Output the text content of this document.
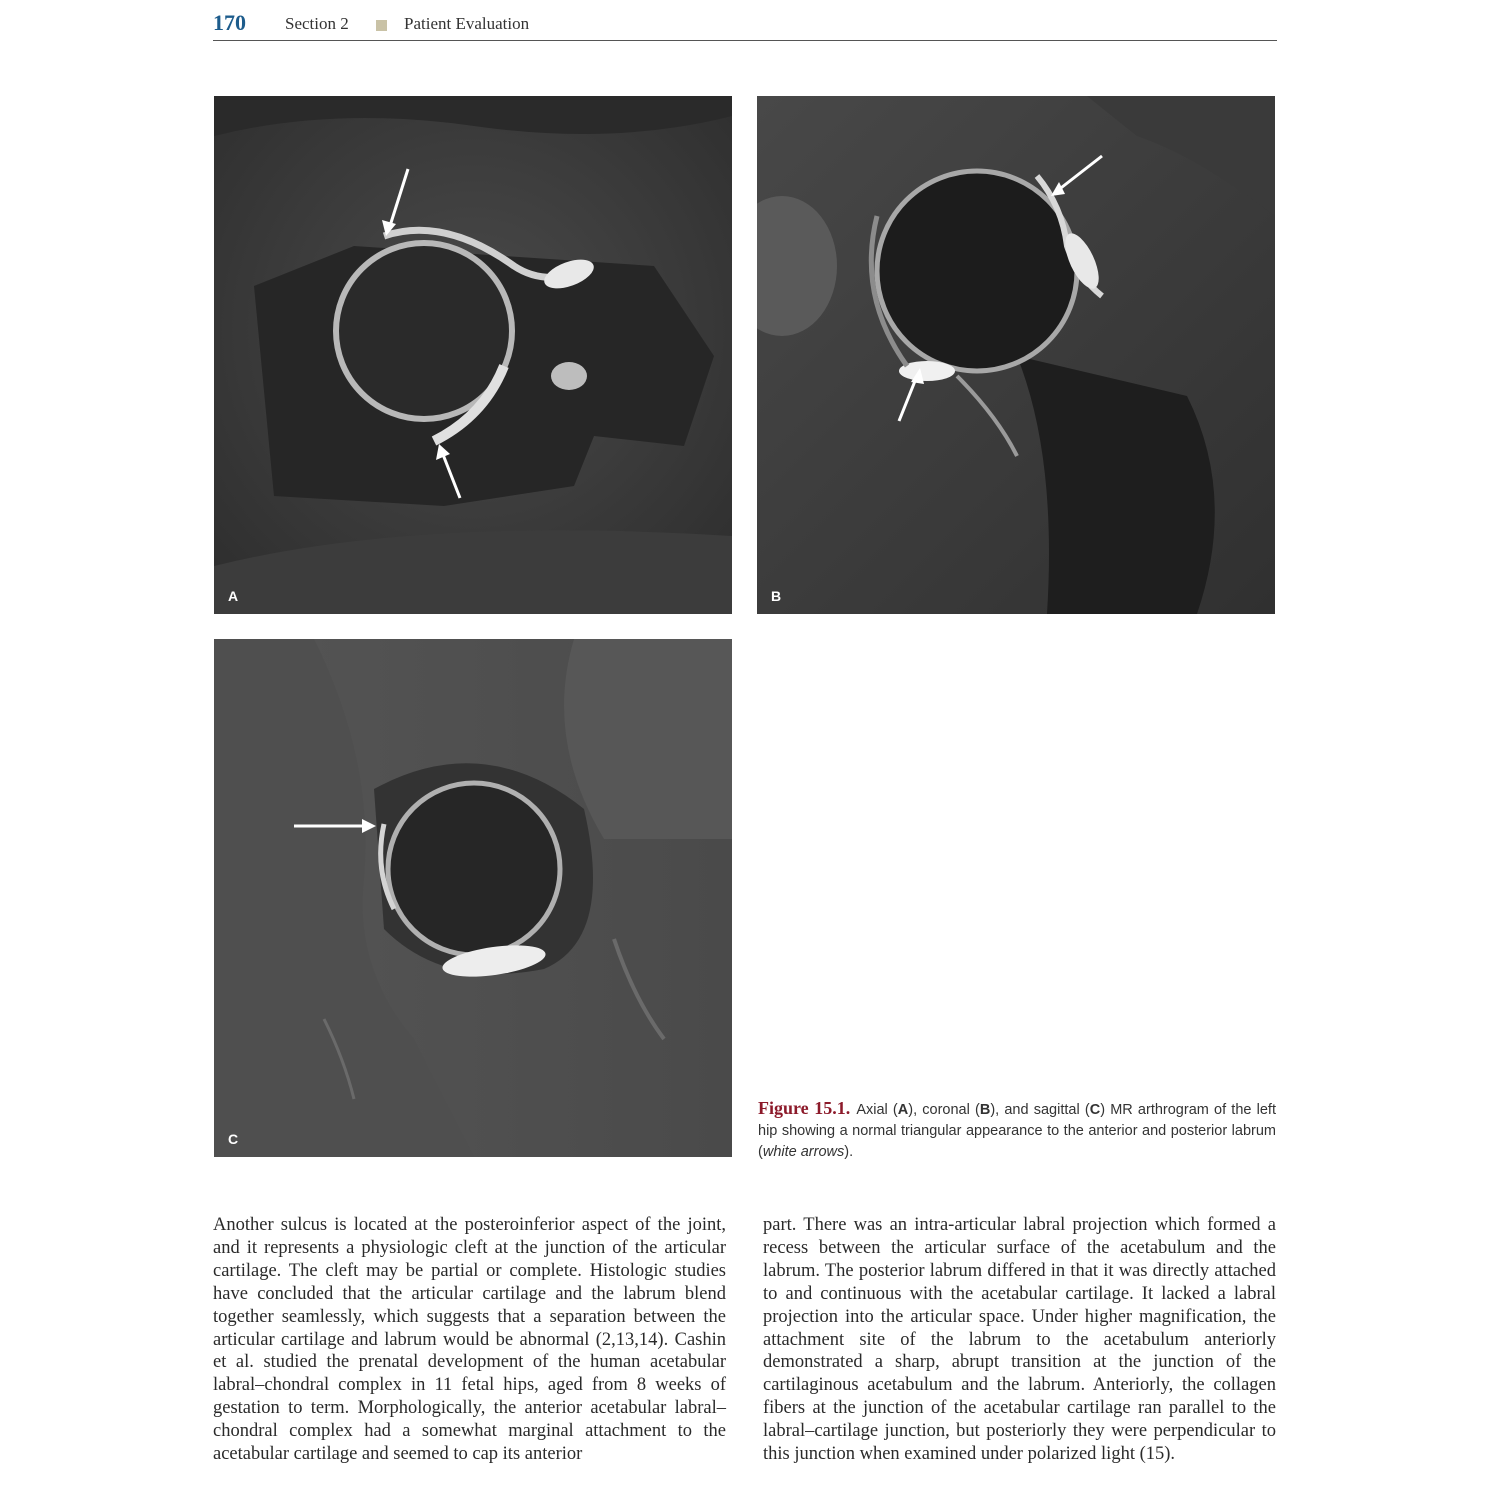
170 Section 2	Patient Evaluation
A	B
C
Figure 15.1. Axial (A), coronal (B), and sagittal (C) MR arthrogram of the left hip showing a normal triangular appearance to the anterior and posterior labrum (white arrows).
Another sulcus is located at the posteroinferior aspect of the joint, and it represents a physiologic cleft at the junction of the articular cartilage. The cleft may be partial or complete. Histologic studies have concluded that the articular cartilage and the labrum blend together seamlessly, which suggests that a separation between the articular cartilage and labrum would be abnormal (2,13,14). Cashin et al. studied the prenatal development of the human acetabular labral–chondral complex in 11 fetal hips, aged from 8 weeks of gestation to term. Morphologically, the anterior acetabular labral–chondral complex had a somewhat marginal attachment to the acetabular cartilage and seemed to cap its anterior
part. There was an intra-articular labral projection which formed a recess between the articular surface of the acetabulum and the labrum. The posterior labrum differed in that it was directly attached to and continuous with the acetabular cartilage. It lacked a labral projection into the articular space. Under higher magnification, the attachment site of the labrum to the acetabulum anteriorly demonstrated a sharp, abrupt transition at the junction of the cartilaginous acetabulum and the labrum. Anteriorly, the collagen fibers at the junction of the acetabular cartilage ran parallel to the labral–cartilage junction, but posteriorly they were perpendicular to this junction when examined under polarized light (15).
